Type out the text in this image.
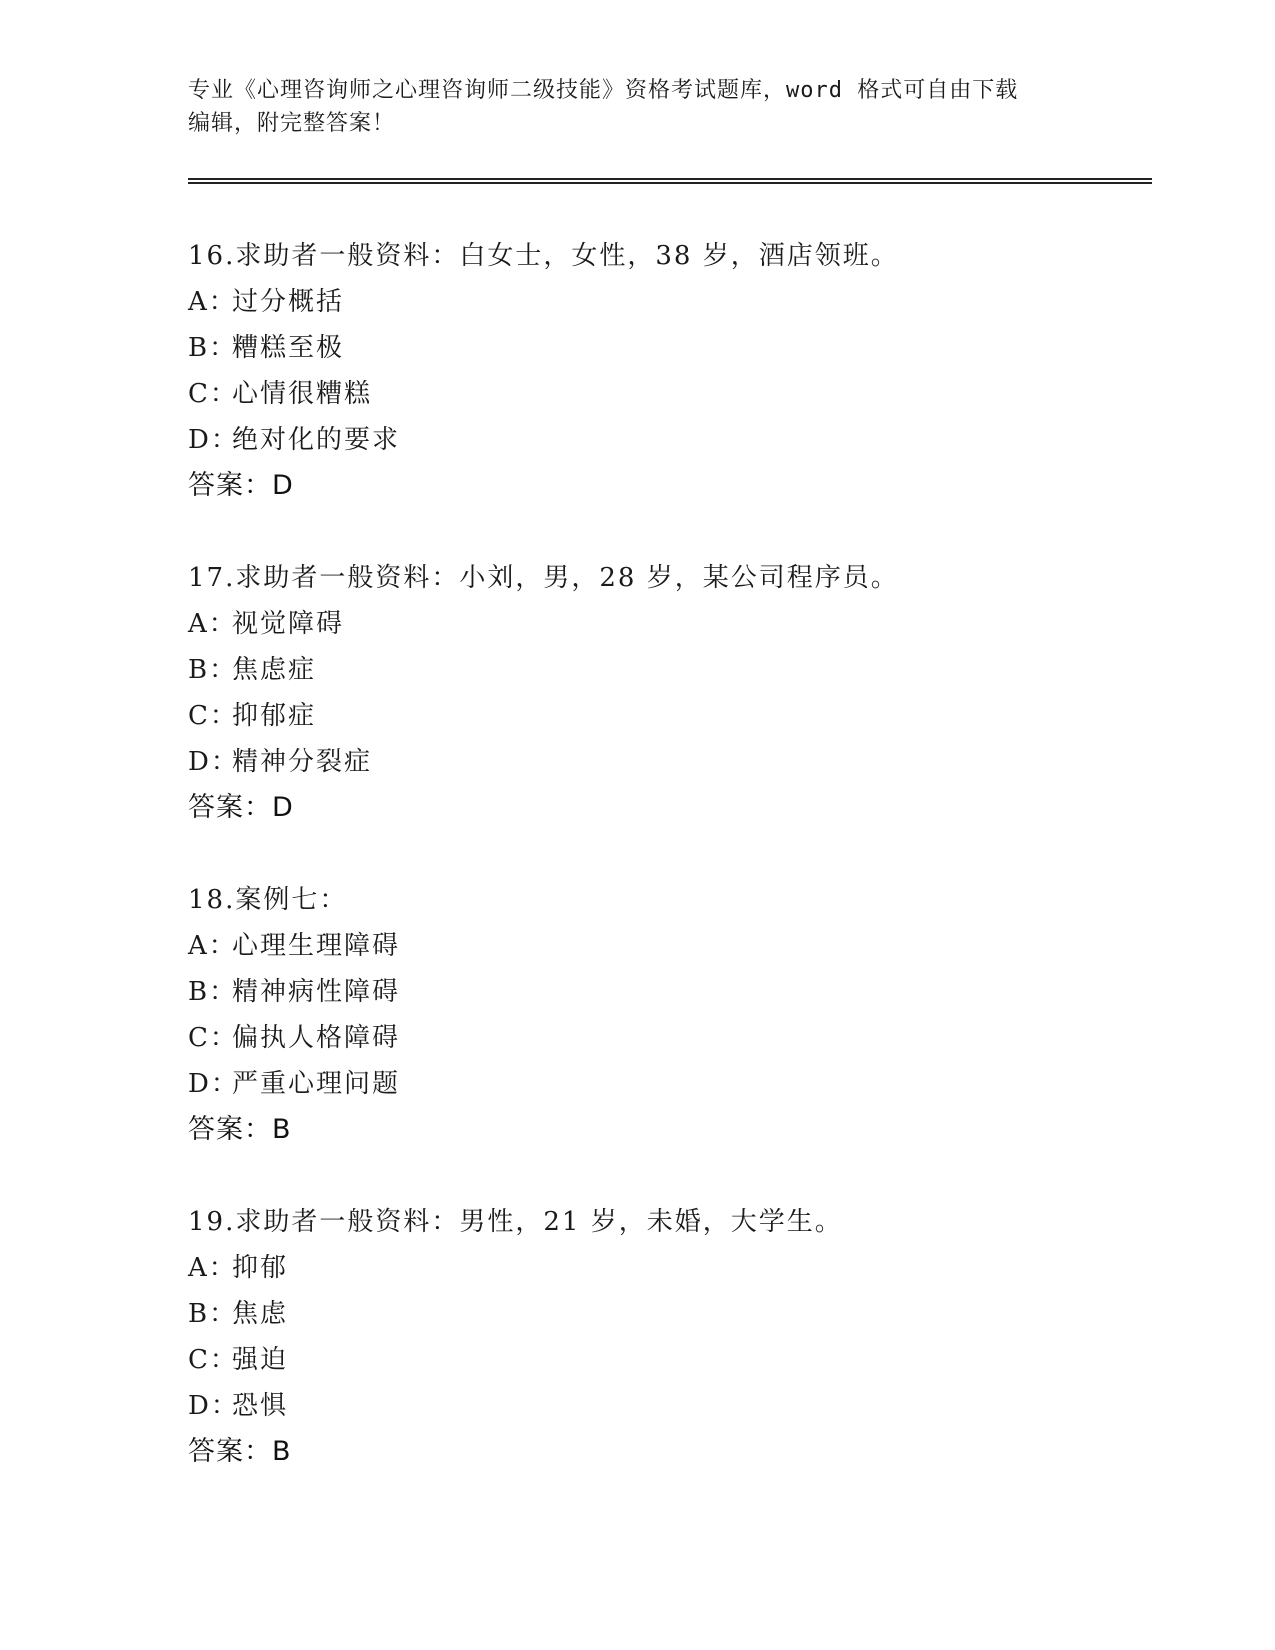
专业《心理咨询师之心理咨询师二级技能》资格考试题库，word 格式可自由下载
编辑，附完整答案！
16.求助者一般资料：白女士，女性，38 岁，酒店领班。
A：过分概括
B：糟糕至极
C：心情很糟糕
D：绝对化的要求
答案：D
17.求助者一般资料：小刘，男，28 岁，某公司程序员。
A：视觉障碍
B：焦虑症
C：抑郁症
D：精神分裂症
答案：D
18.案例七：
A：心理生理障碍
B：精神病性障碍
C：偏执人格障碍
D：严重心理问题
答案：B
19.求助者一般资料：男性，21 岁，未婚，大学生。
A：抑郁
B：焦虑
C：强迫
D：恐惧
答案：B
